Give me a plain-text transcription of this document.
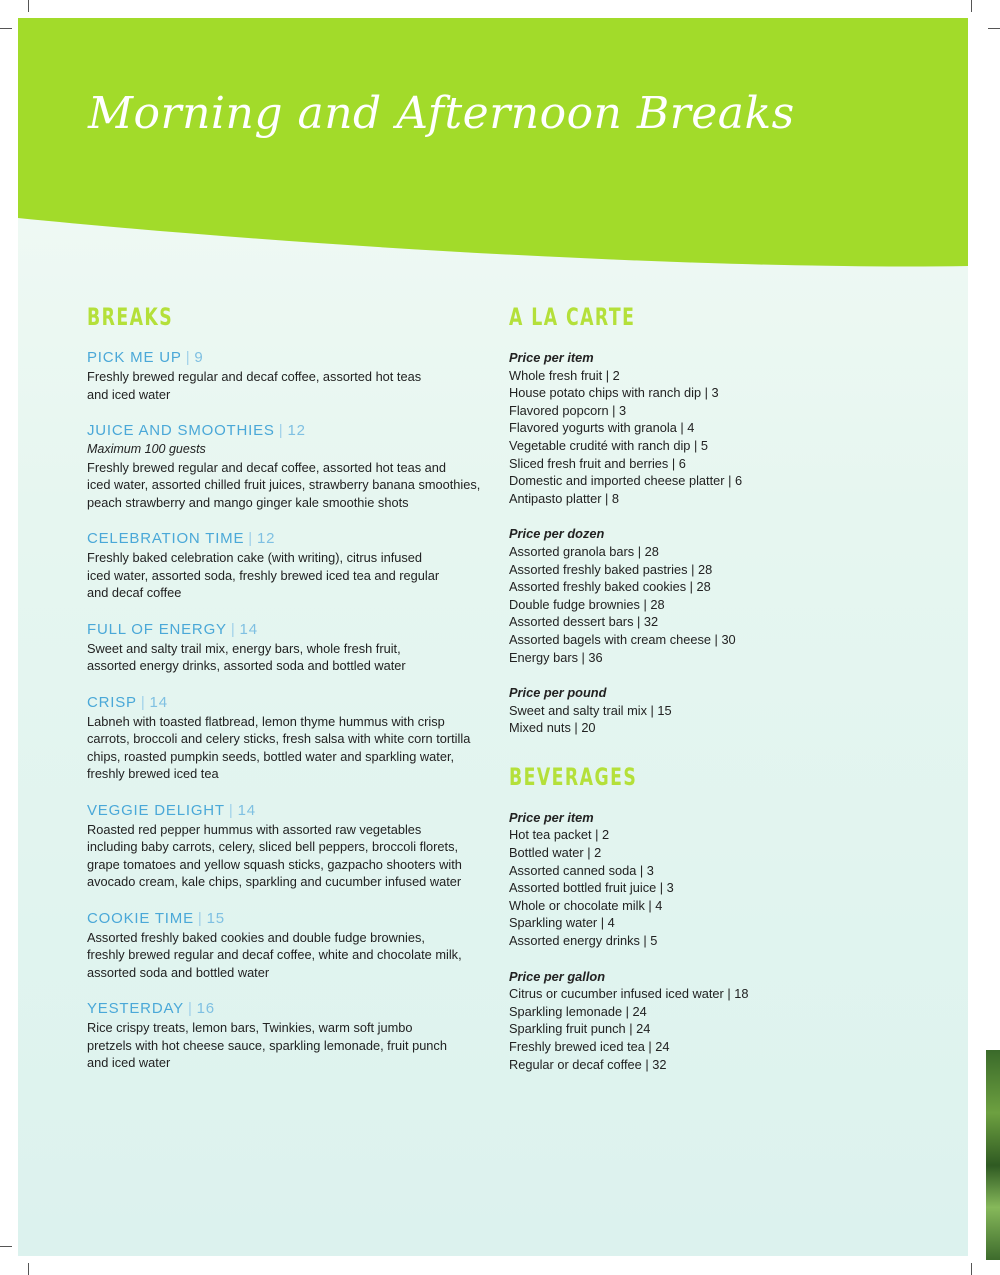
Morning and Afternoon Breaks
BREAKS
PICK ME UP | 9
Freshly brewed regular and decaf coffee, assorted hot teas
and iced water
JUICE AND SMOOTHIES | 12
Maximum 100 guests
Freshly brewed regular and decaf coffee, assorted hot teas and
iced water, assorted chilled fruit juices, strawberry banana smoothies,
peach strawberry and mango ginger kale smoothie shots
CELEBRATION TIME | 12
Freshly baked celebration cake (with writing), citrus infused
iced water, assorted soda, freshly brewed iced tea and regular
and decaf coffee
FULL OF ENERGY | 14
Sweet and salty trail mix, energy bars, whole fresh fruit,
assorted energy drinks, assorted soda and bottled water
CRISP | 14
Labneh with toasted flatbread, lemon thyme hummus with crisp
carrots, broccoli and celery sticks, fresh salsa with white corn tortilla
chips, roasted pumpkin seeds, bottled water and sparkling water,
freshly brewed iced tea
VEGGIE DELIGHT | 14
Roasted red pepper hummus with assorted raw vegetables
including baby carrots, celery, sliced bell peppers, broccoli florets,
grape tomatoes and yellow squash sticks, gazpacho shooters with
avocado cream, kale chips, sparkling and cucumber infused water
COOKIE TIME | 15
Assorted freshly baked cookies and double fudge brownies,
freshly brewed regular and decaf coffee, white and chocolate milk,
assorted soda and bottled water
YESTERDAY | 16
Rice crispy treats, lemon bars, Twinkies, warm soft jumbo
pretzels with hot cheese sauce, sparkling lemonade, fruit punch
and iced water
A LA CARTE
Price per item
Whole fresh fruit | 2
House potato chips with ranch dip | 3
Flavored popcorn | 3
Flavored yogurts with granola | 4
Vegetable crudité with ranch dip | 5
Sliced fresh fruit and berries | 6
Domestic and imported cheese platter | 6
Antipasto platter | 8
Price per dozen
Assorted granola bars | 28
Assorted freshly baked pastries | 28
Assorted freshly baked cookies | 28
Double fudge brownies | 28
Assorted dessert bars | 32
Assorted bagels with cream cheese | 30
Energy bars | 36
Price per pound
Sweet and salty trail mix | 15
Mixed nuts | 20
BEVERAGES
Price per item
Hot tea packet | 2
Bottled water | 2
Assorted canned soda | 3
Assorted bottled fruit juice | 3
Whole or chocolate milk | 4
Sparkling water | 4
Assorted energy drinks | 5
Price per gallon
Citrus or cucumber infused iced water | 18
Sparkling lemonade | 24
Sparkling fruit punch | 24
Freshly brewed iced tea | 24
Regular or decaf coffee | 32
